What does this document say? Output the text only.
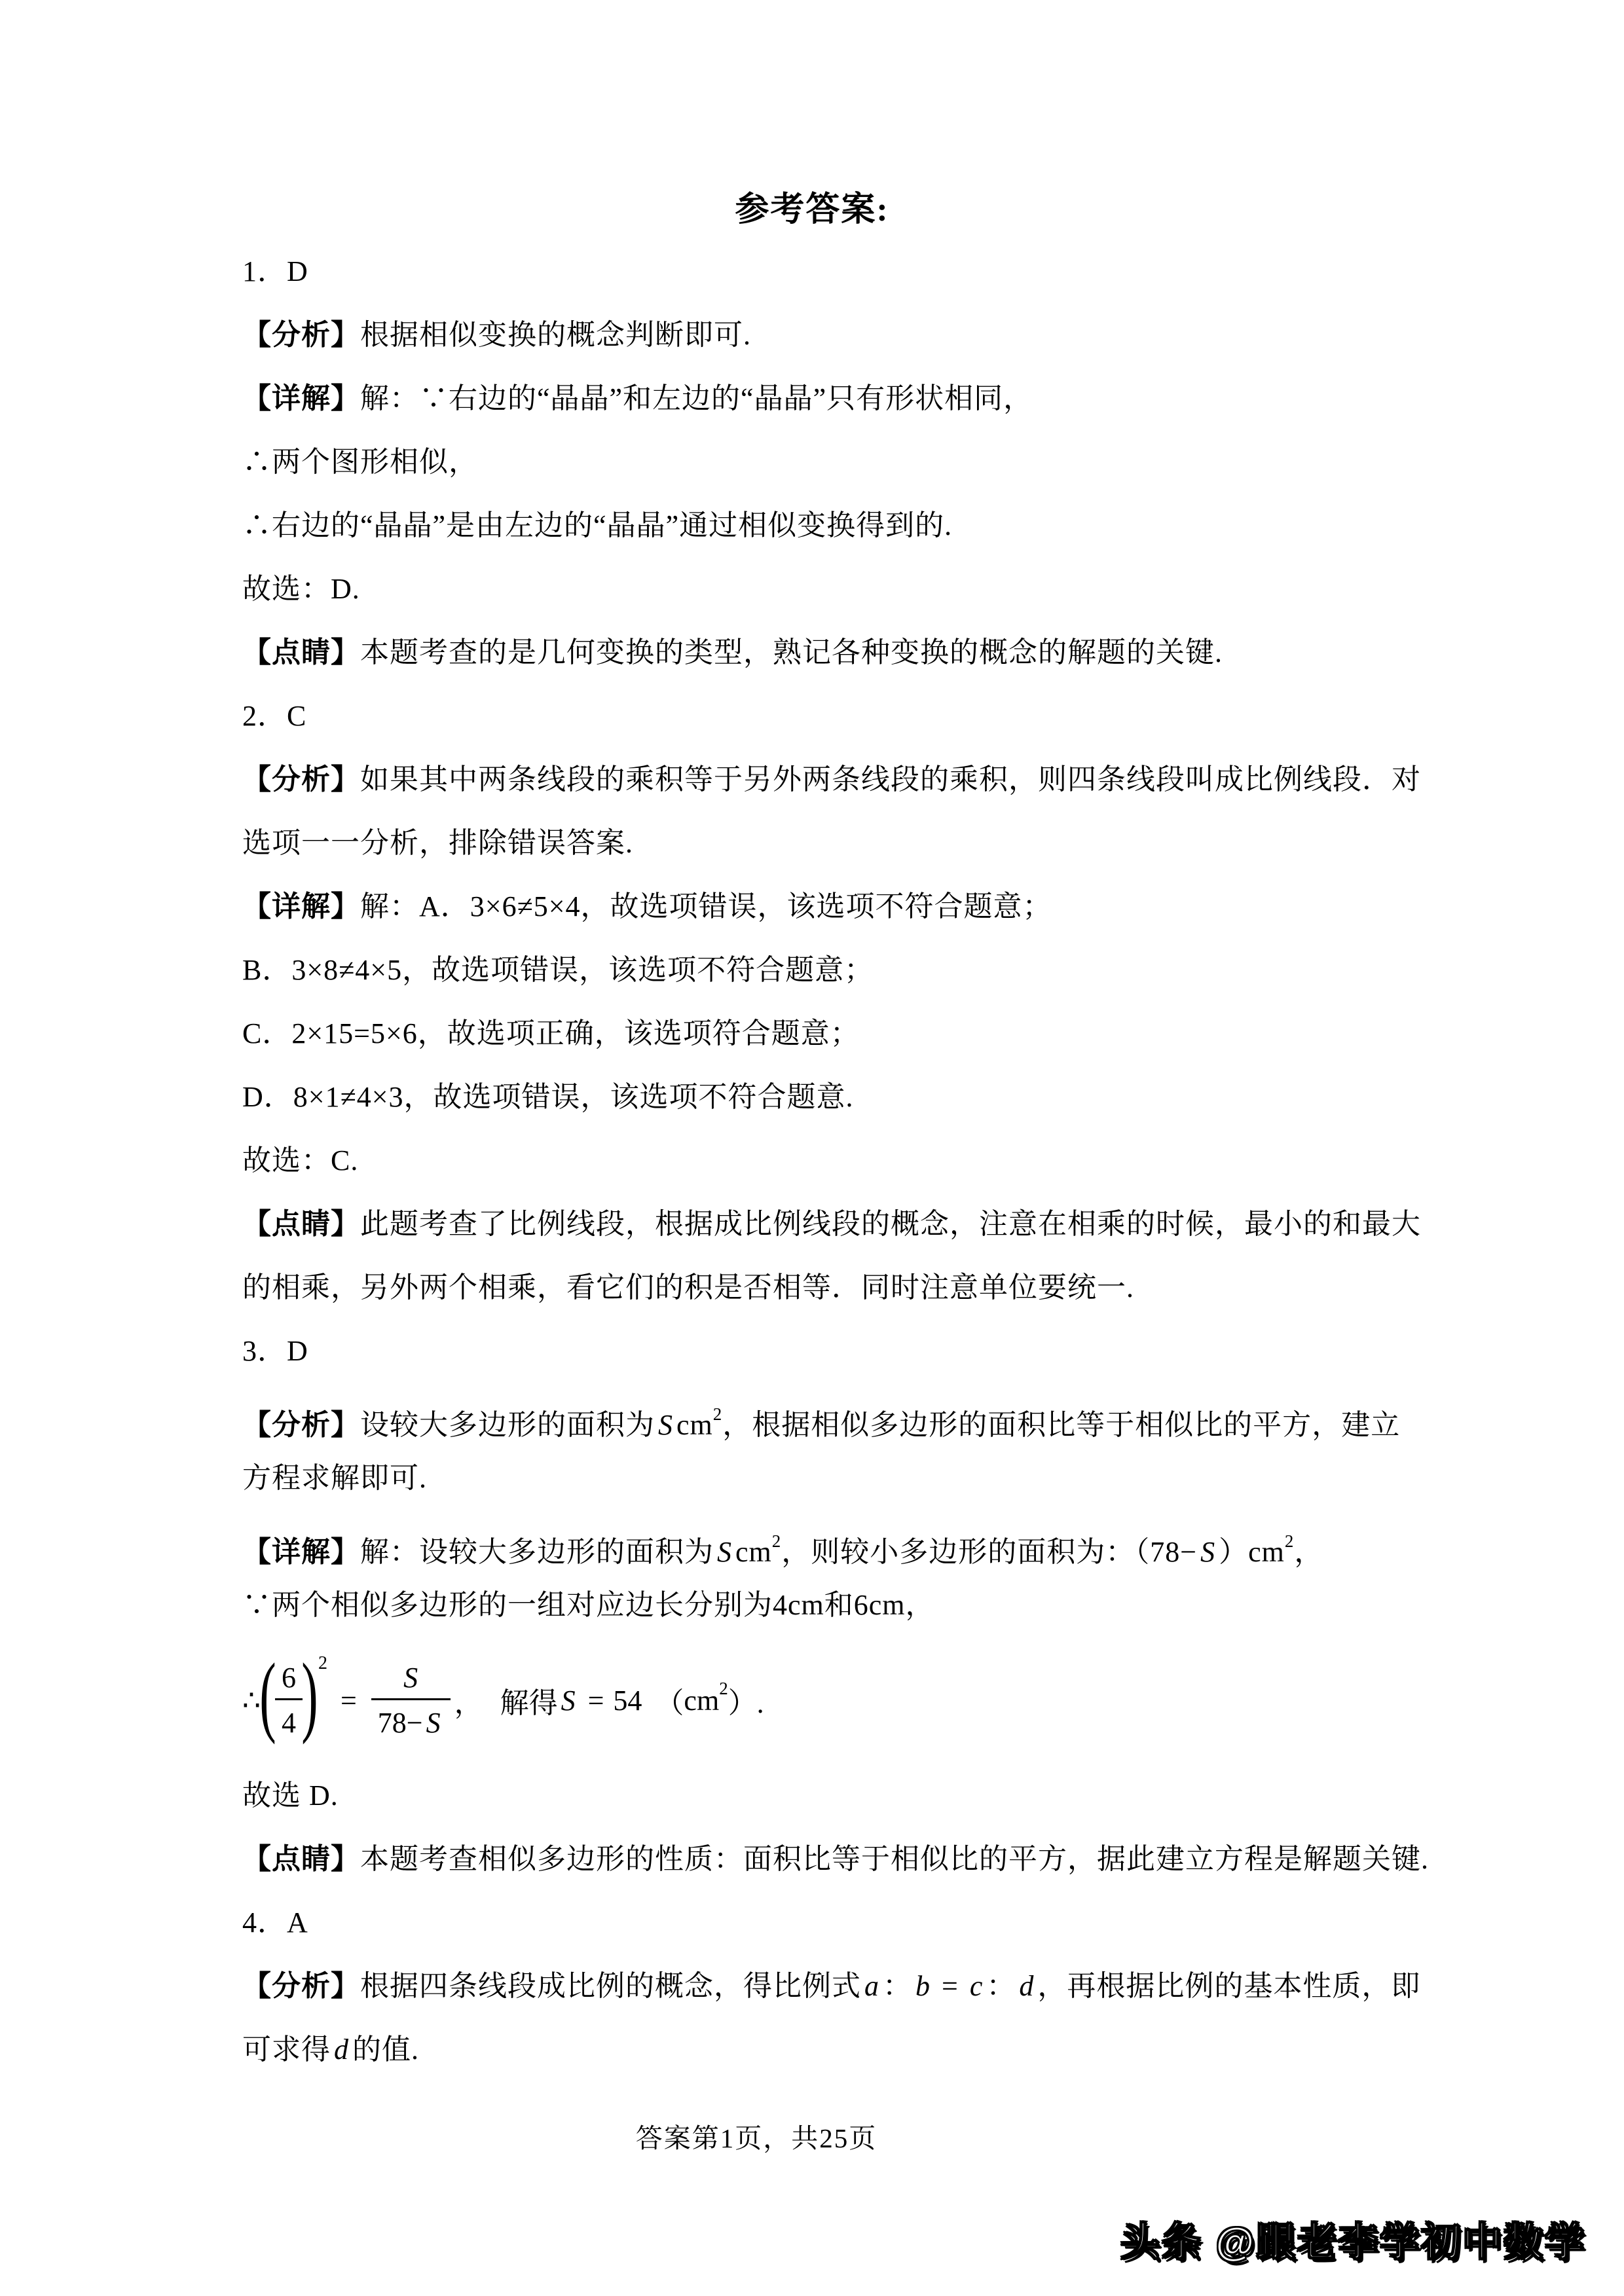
参考答案:
1．D
【分析】根据相似变换的概念判断即可.
【详解】解：∵右边的“晶晶”和左边的“晶晶”只有形状相同，
∴两个图形相似，
∴右边的“晶晶”是由左边的“晶晶”通过相似变换得到的.
故选：D.
【点睛】本题考查的是几何变换的类型，熟记各种变换的概念的解题的关键.
2．C
【分析】如果其中两条线段的乘积等于另外两条线段的乘积，则四条线段叫成比例线段．对
选项一一分析，排除错误答案.
【详解】解：A．3×6≠5×4，故选项错误，该选项不符合题意；
B．3×8≠4×5，故选项错误，该选项不符合题意；
C．2×15=5×6，故选项正确，该选项符合题意；
D．8×1≠4×3，故选项错误，该选项不符合题意.
故选：C.
【点睛】此题考查了比例线段，根据成比例线段的概念，注意在相乘的时候，最小的和最大
的相乘，另外两个相乘，看它们的积是否相等．同时注意单位要统一.
3．D
【分析】设较大多边形的面积为 S $cm^2$，根据相似多边形的面积比等于相似比的平方，建立
方程求解即可.
【详解】解：设较大多边形的面积为 S $cm^2$，则较小多边形的面积为：（78− S ）$cm^2$，
∵两个相似多边形的一组对应边长分别为4cm和6cm，
∴
(
$\frac{6}{4}$
) 2
= $\frac{S}{78- S}$ ， 解得 S = 54 （ cm 2 ）.
故选 D.
【点睛】本题考查相似多边形的性质：面积比等于相似比的平方，据此建立方程是解题关键.
4．A
【分析】根据四条线段成比例的概念，得比例式 a ： b = c ： d ，再根据比例的基本性质，即
可求得 d 的值.
答案第1页，共25页
头条 @跟老李学初中数学
